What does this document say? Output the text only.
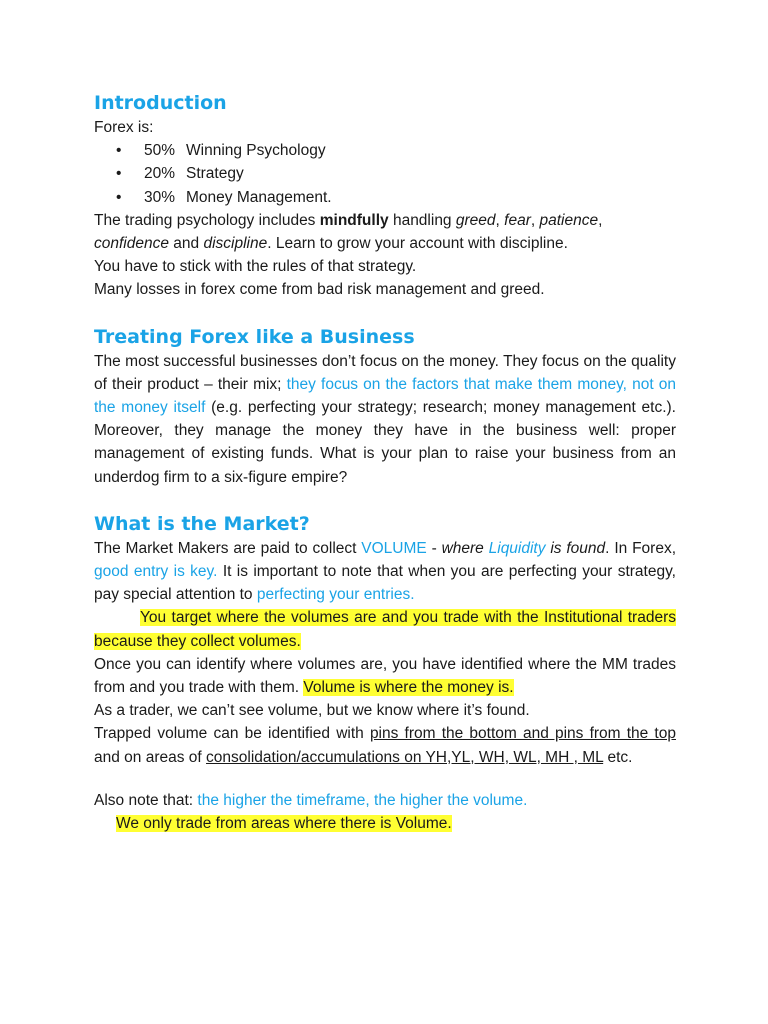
Introduction

Forex is:

• 50% Winning Psychology
• 20% Strategy
• 30% Money Management.

The trading psychology includes mindfully handling greed, fear, patience, confidence and discipline. Learn to grow your account with discipline.

You have to stick with the rules of that strategy.

Many losses in forex come from bad risk management and greed.

Treating Forex like a Business

The most successful businesses don’t focus on the money. They focus on the quality of their product – their mix; they focus on the factors that make them money, not on the money itself (e.g. perfecting your strategy; research; money management etc.). Moreover, they manage the money they have in the business well: proper management of existing funds. What is your plan to raise your business from an underdog firm to a six-figure empire?

What is the Market?

The Market Makers are paid to collect VOLUME - where Liquidity is found. In Forex, good entry is key. It is important to note that when you are perfecting your strategy, pay special attention to perfecting your entries.

You target where the volumes are and you trade with the Institutional traders because they collect volumes.

Once you can identify where volumes are, you have identified where the MM trades from and you trade with them. Volume is where the money is.

As a trader, we can’t see volume, but we know where it’s found.

Trapped volume can be identified with pins from the bottom and pins from the top and on areas of consolidation/accumulations on YH,YL, WH, WL, MH , ML etc.

Also note that: the higher the timeframe, the higher the volume.

We only trade from areas where there is Volume.
